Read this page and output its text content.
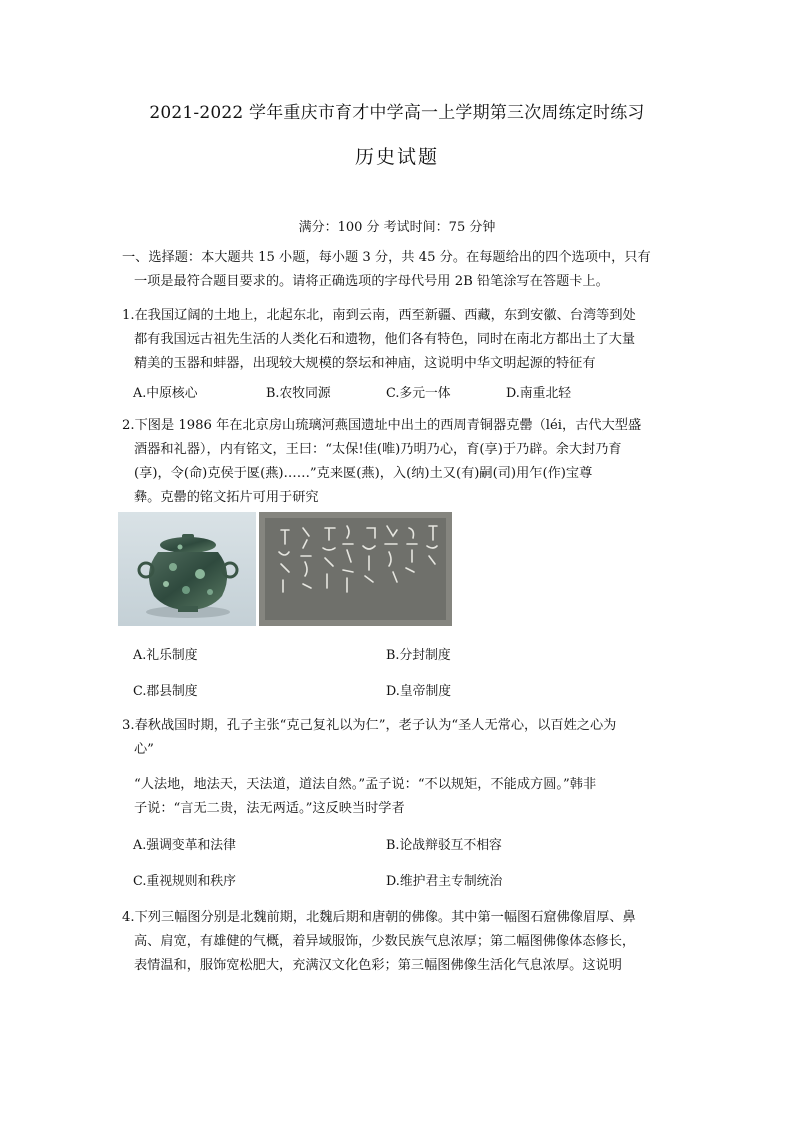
2021-2022 学年重庆市育才中学高一上学期第三次周练定时练习
历史试题
满分：100 分 考试时间：75 分钟
一、选择题：本大题共 15 小题，每小题 3 分，共 45 分。在每题给出的四个选项中，只有
一项是最符合题目要求的。请将正确选项的字母代号用 2B 铅笔涂写在答题卡上。
1.在我国辽阔的土地上，北起东北，南到云南，西至新疆、西藏，东到安徽、台湾等到处
都有我国远古祖先生活的人类化石和遗物，他们各有特色，同时在南北方都出土了大量
精美的玉器和蚌器，出现较大规模的祭坛和神庙，这说明中华文明起源的特征有
A.中原核心	B.农牧同源	C.多元一体	D.南重北轻
2.下图是 1986 年在北京房山琉璃河燕国遗址中出土的西周青铜器克罍（léi，古代大型盛
酒器和礼器），内有铭文，王曰：“太保!佳(唯)乃明乃心，育(享)于乃辟。余大封乃育
(享)，令(命)克侯于匽(燕)……”克来匽(燕)，入(纳)土又(有)嗣(司)用乍(作)宝尊
彝。克罍的铭文拓片可用于研究
A.礼乐制度	B.分封制度
C.郡县制度	D.皇帝制度
3.春秋战国时期，孔子主张“克己复礼以为仁”，老子认为“圣人无常心，以百姓之心为
心”
“人法地，地法天，天法道，道法自然。”孟子说：“不以规矩，不能成方圆。”韩非
子说：“言无二贵，法无两适。”这反映当时学者
A.强调变革和法律	B.论战辩驳互不相容
C.重视规则和秩序	D.维护君主专制统治
4.下列三幅图分别是北魏前期，北魏后期和唐朝的佛像。其中第一幅图石窟佛像眉厚、鼻
高、肩宽，有雄健的气概，着异域服饰，少数民族气息浓厚；第二幅图佛像体态修长，
表情温和，服饰宽松肥大，充满汉文化色彩；第三幅图佛像生活化气息浓厚。这说明
